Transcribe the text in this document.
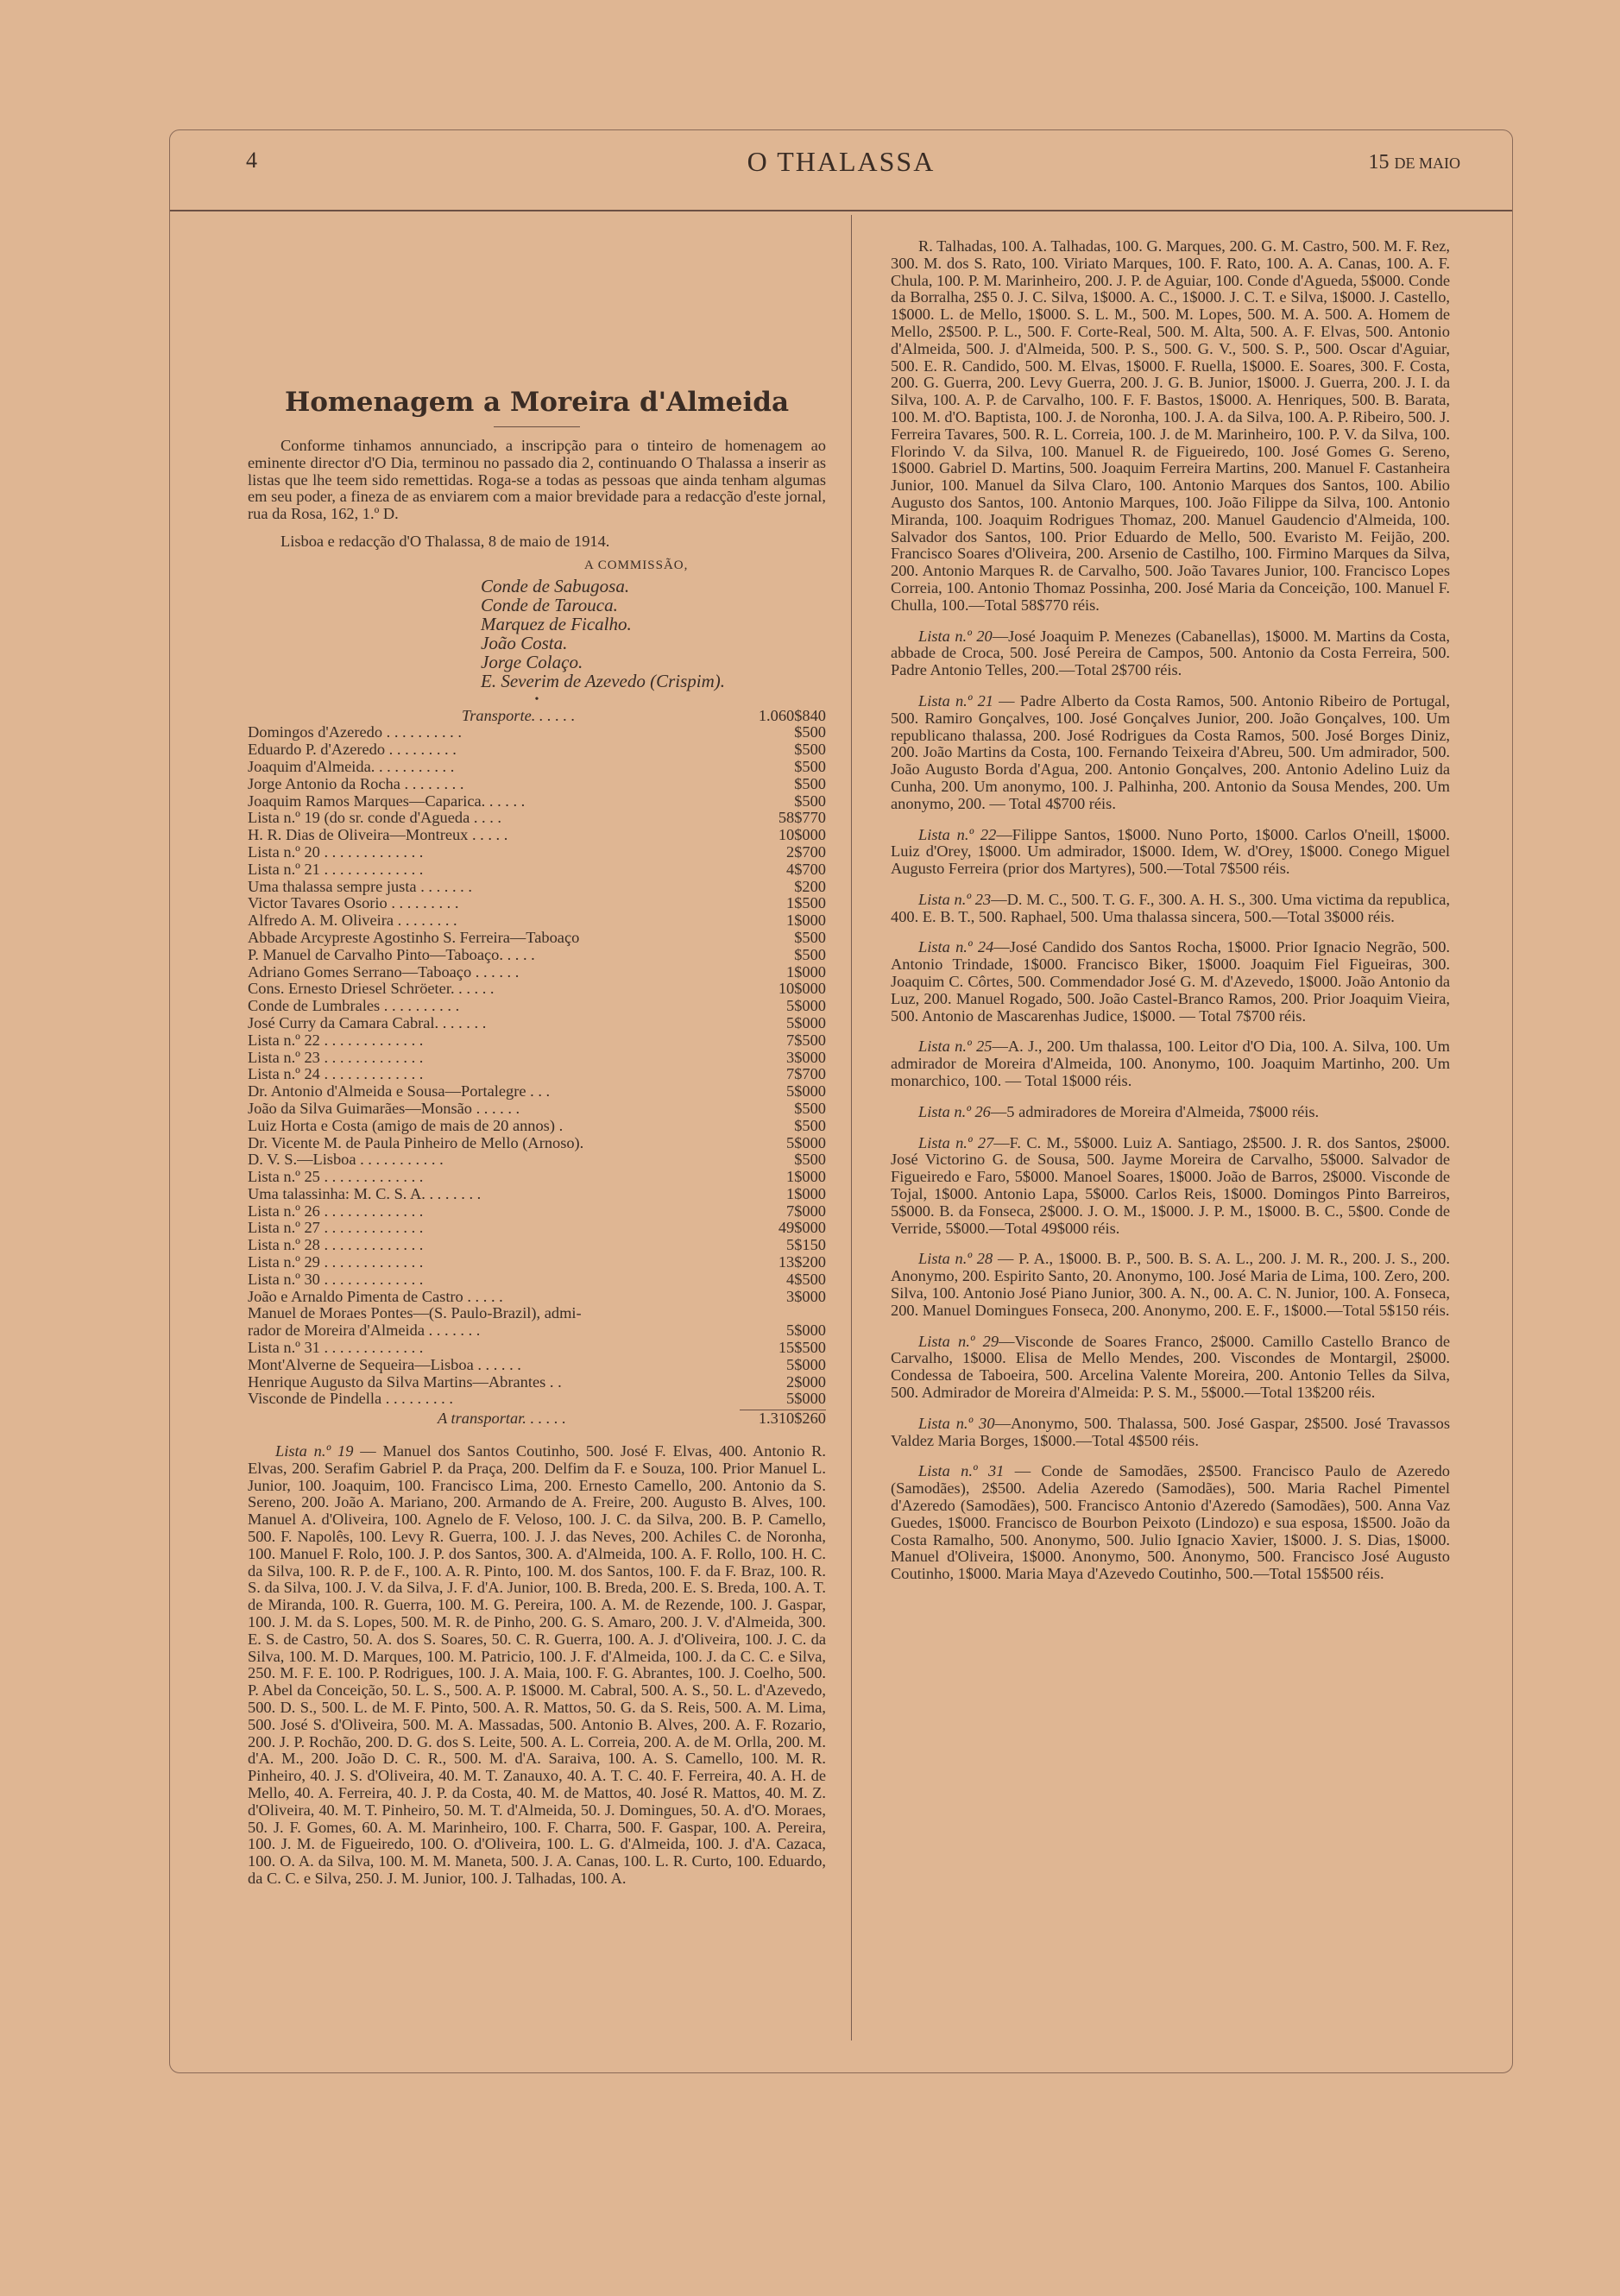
4	O THALASSA	15 DE MAIO
Homenagem a Moreira d'Almeida

Conforme tinhamos annunciado, a inscripção para o tinteiro de homenagem ao eminente director d'O Dia, terminou no passado dia 2, continuando O Thalassa a inserir as listas que lhe teem sido remettidas. Roga-se a todas as pessoas que ainda tenham algumas em seu poder, a fineza de as enviarem com a maior brevidade para a redacção d'este jornal, rua da Rosa, 162, 1.º D.

Lisboa e redacção d'O Thalassa, 8 de maio de 1914.

A COMMISSÃO,
Conde de Sabugosa.
Conde de Tarouca.
Marquez de Ficalho.
João Costa.
Jorge Colaço.
E. Severim de Azevedo (Crispim).
•
Transporte. . . . . .	1.060$840
Domingos d'Azeredo . . . . . . . . . .	$500
Eduardo P. d'Azeredo . . . . . . . . .	$500
Joaquim d'Almeida. . . . . . . . . . .	$500
Jorge Antonio da Rocha . . . . . . . .	$500
Joaquim Ramos Marques—Caparica. . . . . .	$500
Lista n.º 19 (do sr. conde d'Agueda . . . .	58$770
H. R. Dias de Oliveira—Montreux . . . . .	10$000
Lista n.º 20 . . . . . . . . . . . . .	2$700
Lista n.º 21 . . . . . . . . . . . . .	4$700
Uma thalassa sempre justa . . . . . . .	$200
Victor Tavares Osorio . . . . . . . . .	1$500
Alfredo A. M. Oliveira . . . . . . . .	1$000
Abbade Arcypreste Agostinho S. Ferreira—Taboaço	$500
P. Manuel de Carvalho Pinto—Taboaço. . . . .	$500
Adriano Gomes Serrano—Taboaço . . . . . .	1$000
Cons. Ernesto Driesel Schröeter. . . . . .	10$000
Conde de Lumbrales . . . . . . . . . .	5$000
José Curry da Camara Cabral. . . . . . .	5$000
Lista n.º 22 . . . . . . . . . . . . .	7$500
Lista n.º 23 . . . . . . . . . . . . .	3$000
Lista n.º 24 . . . . . . . . . . . . .	7$700
Dr. Antonio d'Almeida e Sousa—Portalegre . . .	5$000
João da Silva Guimarães—Monsão . . . . . .	$500
Luiz Horta e Costa (amigo de mais de 20 annos) .	$500
Dr. Vicente M. de Paula Pinheiro de Mello (Arnoso).	5$000
D. V. S.—Lisboa . . . . . . . . . . .	$500
Lista n.º 25 . . . . . . . . . . . . .	1$000
Uma talassinha: M. C. S. A. . . . . . . .	1$000
Lista n.º 26 . . . . . . . . . . . . .	7$000
Lista n.º 27 . . . . . . . . . . . . .	49$000
Lista n.º 28 . . . . . . . . . . . . .	5$150
Lista n.º 29 . . . . . . . . . . . . .	13$200
Lista n.º 30 . . . . . . . . . . . . .	4$500
João e Arnaldo Pimenta de Castro . . . . .	3$000
Manuel de Moraes Pontes—(S. Paulo-Brazil), admi-	
rador de Moreira d'Almeida . . . . . . .	5$000
Lista n.º 31 . . . . . . . . . . . . .	15$500
Mont'Alverne de Sequeira—Lisboa . . . . . .	5$000
Henrique Augusto da Silva Martins—Abrantes . .	2$000
Visconde de Pindella . . . . . . . . .	5$000
A transportar. . . . . .	1.310$260

Lista n.º 19 — Manuel dos Santos Coutinho, 500. José F. Elvas, 400. Antonio R. Elvas, 200. Serafim Gabriel P. da Praça, 200. Delfim da F. e Souza, 100. Prior Manuel L. Junior, 100. Joaquim, 100. Francisco Lima, 200. Ernesto Camello, 200. Antonio da S. Sereno, 200. João A. Mariano, 200. Armando de A. Freire, 200. Augusto B. Alves, 100. Manuel A. d'Oliveira, 100. Agnelo de F. Veloso, 100. J. C. da Silva, 200. B. P. Camello, 500. F. Napolês, 100. Levy R. Guerra, 100. J. J. das Neves, 200. Achiles C. de Noronha, 100. Manuel F. Rolo, 100. J. P. dos Santos, 300. A. d'Almeida, 100. A. F. Rollo, 100. H. C. da Silva, 100. R. P. de F., 100. A. R. Pinto, 100. M. dos Santos, 100. F. da F. Braz, 100. R. S. da Silva, 100. J. V. da Silva, J. F. d'A. Junior, 100. B. Breda, 200. E. S. Breda, 100. A. T. de Miranda, 100. R. Guerra, 100. M. G. Pereira, 100. A. M. de Rezende, 100. J. Gaspar, 100. J. M. da S. Lopes, 500. M. R. de Pinho, 200. G. S. Amaro, 200. J. V. d'Almeida, 300. E. S. de Castro, 50. A. dos S. Soares, 50. C. R. Guerra, 100. A. J. d'Oliveira, 100. J. C. da Silva, 100. M. D. Marques, 100. M. Patricio, 100. J. F. d'Almeida, 100. J. da C. C. e Silva, 250. M. F. E. 100. P. Rodrigues, 100. J. A. Maia, 100. F. G. Abrantes, 100. J. Coelho, 500. P. Abel da Conceição, 50. L. S., 500. A. P. 1$000. M. Cabral, 500. A. S., 50. L. d'Azevedo, 500. D. S., 500. L. de M. F. Pinto, 500. A. R. Mattos, 50. G. da S. Reis, 500. A. M. Lima, 500. José S. d'Oliveira, 500. M. A. Massadas, 500. Antonio B. Alves, 200. A. F. Rozario, 200. J. P. Rochão, 200. D. G. dos S. Leite, 500. A. L. Correia, 200. A. de M. Orlla, 200. M. d'A. M., 200. João D. C. R., 500. M. d'A. Saraiva, 100. A. S. Camello, 100. M. R. Pinheiro, 40. J. S. d'Oliveira, 40. M. T. Zanauxo, 40. A. T. C. 40. F. Ferreira, 40. A. H. de Mello, 40. A. Ferreira, 40. J. P. da Costa, 40. M. de Mattos, 40. José R. Mattos, 40. M. Z. d'Oliveira, 40. M. T. Pinheiro, 50. M. T. d'Almeida, 50. J. Domingues, 50. A. d'O. Moraes, 50. J. F. Gomes, 60. A. M. Marinheiro, 100. F. Charra, 500. F. Gaspar, 100. A. Pereira, 100. J. M. de Figueiredo, 100. O. d'Oliveira, 100. L. G. d'Almeida, 100. J. d'A. Cazaca, 100. O. A. da Silva, 100. M. M. Maneta, 500. J. A. Canas, 100. L. R. Curto, 100. Eduardo, da C. C. e Silva, 250. J. M. Junior, 100. J. Talhadas, 100. A.

R. Talhadas, 100. A. Talhadas, 100. G. Marques, 200. G. M. Castro, 500. M. F. Rez, 300. M. dos S. Rato, 100. Viriato Marques, 100. F. Rato, 100. A. A. Canas, 100. A. F. Chula, 100. P. M. Marinheiro, 200. J. P. de Aguiar, 100. Conde d'Agueda, 5$000. Conde da Borralha, 2$5 0. J. C. Silva, 1$000. A. C., 1$000. J. C. T. e Silva, 1$000. J. Castello, 1$000. L. de Mello, 1$000. S. L. M., 500. M. Lopes, 500. M. A. 500. A. Homem de Mello, 2$500. P. L., 500. F. Corte-Real, 500. M. Alta, 500. A. F. Elvas, 500. Antonio d'Almeida, 500. J. d'Almeida, 500. P. S., 500. G. V., 500. S. P., 500. Oscar d'Aguiar, 500. E. R. Candido, 500. M. Elvas, 1$000. F. Ruella, 1$000. E. Soares, 300. F. Costa, 200. G. Guerra, 200. Levy Guerra, 200. J. G. B. Junior, 1$000. J. Guerra, 200. J. I. da Silva, 100. A. P. de Carvalho, 100. F. F. Bastos, 1$000. A. Henriques, 500. B. Barata, 100. M. d'O. Baptista, 100. J. de Noronha, 100. J. A. da Silva, 100. A. P. Ribeiro, 500. J. Ferreira Tavares, 500. R. L. Correia, 100. J. de M. Marinheiro, 100. P. V. da Silva, 100. Florindo V. da Silva, 100. Manuel R. de Figueiredo, 100. José Gomes G. Sereno, 1$000. Gabriel D. Martins, 500. Joaquim Ferreira Martins, 200. Manuel F. Castanheira Junior, 100. Manuel da Silva Claro, 100. Antonio Marques dos Santos, 100. Abilio Augusto dos Santos, 100. Antonio Marques, 100. João Filippe da Silva, 100. Antonio Miranda, 100. Joaquim Rodrigues Thomaz, 200. Manuel Gaudencio d'Almeida, 100. Salvador dos Santos, 100. Prior Eduardo de Mello, 500. Evaristo M. Feijão, 200. Francisco Soares d'Oliveira, 200. Arsenio de Castilho, 100. Firmino Marques da Silva, 200. Antonio Marques R. de Carvalho, 500. João Tavares Junior, 100. Francisco Lopes Correia, 100. Antonio Thomaz Possinha, 200. José Maria da Conceição, 100. Manuel F. Chulla, 100.—Total 58$770 réis.

Lista n.º 20—José Joaquim P. Menezes (Cabanellas), 1$000. M. Martins da Costa, abbade de Croca, 500. José Pereira de Campos, 500. Antonio da Costa Ferreira, 500. Padre Antonio Telles, 200.—Total 2$700 réis.

Lista n.º 21 — Padre Alberto da Costa Ramos, 500. Antonio Ribeiro de Portugal, 500. Ramiro Gonçalves, 100. José Gonçalves Junior, 200. João Gonçalves, 100. Um republicano thalassa, 200. José Rodrigues da Costa Ramos, 500. José Borges Diniz, 200. João Martins da Costa, 100. Fernando Teixeira d'Abreu, 500. Um admirador, 500. João Augusto Borda d'Agua, 200. Antonio Gonçalves, 200. Antonio Adelino Luiz da Cunha, 200. Um anonymo, 100. J. Palhinha, 200. Antonio da Sousa Mendes, 200. Um anonymo, 200. — Total 4$700 réis.

Lista n.º 22—Filippe Santos, 1$000. Nuno Porto, 1$000. Carlos O'neill, 1$000. Luiz d'Orey, 1$000. Um admirador, 1$000. Idem, W. d'Orey, 1$000. Conego Miguel Augusto Ferreira (prior dos Martyres), 500.—Total 7$500 réis.

Lista n.º 23—D. M. C., 500. T. G. F., 300. A. H. S., 300. Uma victima da republica, 400. E. B. T., 500. Raphael, 500. Uma thalassa sincera, 500.—Total 3$000 réis.

Lista n.º 24—José Candido dos Santos Rocha, 1$000. Prior Ignacio Negrão, 500. Antonio Trindade, 1$000. Francisco Biker, 1$000. Joaquim Fiel Figueiras, 300. Joaquim C. Côrtes, 500. Commendador José G. M. d'Azevedo, 1$000. João Antonio da Luz, 200. Manuel Rogado, 500. João Castel-Branco Ramos, 200. Prior Joaquim Vieira, 500. Antonio de Mascarenhas Judice, 1$000. — Total 7$700 réis.

Lista n.º 25—A. J., 200. Um thalassa, 100. Leitor d'O Dia, 100. A. Silva, 100. Um admirador de Moreira d'Almeida, 100. Anonymo, 100. Joaquim Martinho, 200. Um monarchico, 100. — Total 1$000 réis.

Lista n.º 26—5 admiradores de Moreira d'Almeida, 7$000 réis.

Lista n.º 27—F. C. M., 5$000. Luiz A. Santiago, 2$500. J. R. dos Santos, 2$000. José Victorino G. de Sousa, 500. Jayme Moreira de Carvalho, 5$000. Salvador de Figueiredo e Faro, 5$000. Manoel Soares, 1$000. João de Barros, 2$000. Visconde de Tojal, 1$000. Antonio Lapa, 5$000. Carlos Reis, 1$000. Domingos Pinto Barreiros, 5$000. B. da Fonseca, 2$000. J. O. M., 1$000. J. P. M., 1$000. B. C., 5$00. Conde de Verride, 5$000.—Total 49$000 réis.

Lista n.º 28 — P. A., 1$000. B. P., 500. B. S. A. L., 200. J. M. R., 200. J. S., 200. Anonymo, 200. Espirito Santo, 20. Anonymo, 100. José Maria de Lima, 100. Zero, 200. Silva, 100. Antonio José Piano Junior, 300. A. N., 00. A. C. N. Junior, 100. A. Fonseca, 200. Manuel Domingues Fonseca, 200. Anonymo, 200. E. F., 1$000.—Total 5$150 réis.

Lista n.º 29—Visconde de Soares Franco, 2$000. Camillo Castello Branco de Carvalho, 1$000. Elisa de Mello Mendes, 200. Viscondes de Montargil, 2$000. Condessa de Taboeira, 500. Arcelina Valente Moreira, 200. Antonio Telles da Silva, 500. Admirador de Moreira d'Almeida: P. S. M., 5$000.—Total 13$200 réis.

Lista n.º 30—Anonymo, 500. Thalassa, 500. José Gaspar, 2$500. José Travassos Valdez Maria Borges, 1$000.—Total 4$500 réis.

Lista n.º 31 — Conde de Samodães, 2$500. Francisco Paulo de Azeredo (Samodães), 2$500. Adelia Azeredo (Samodães), 500. Maria Rachel Pimentel d'Azeredo (Samodães), 500. Francisco Antonio d'Azeredo (Samodães), 500. Anna Vaz Guedes, 1$000. Francisco de Bourbon Peixoto (Lindozo) e sua esposa, 1$500. João da Costa Ramalho, 500. Anonymo, 500. Julio Ignacio Xavier, 1$000. J. S. Dias, 1$000. Manuel d'Oliveira, 1$000. Anonymo, 500. Anonymo, 500. Francisco José Augusto Coutinho, 1$000. Maria Maya d'Azevedo Coutinho, 500.—Total 15$500 réis.
